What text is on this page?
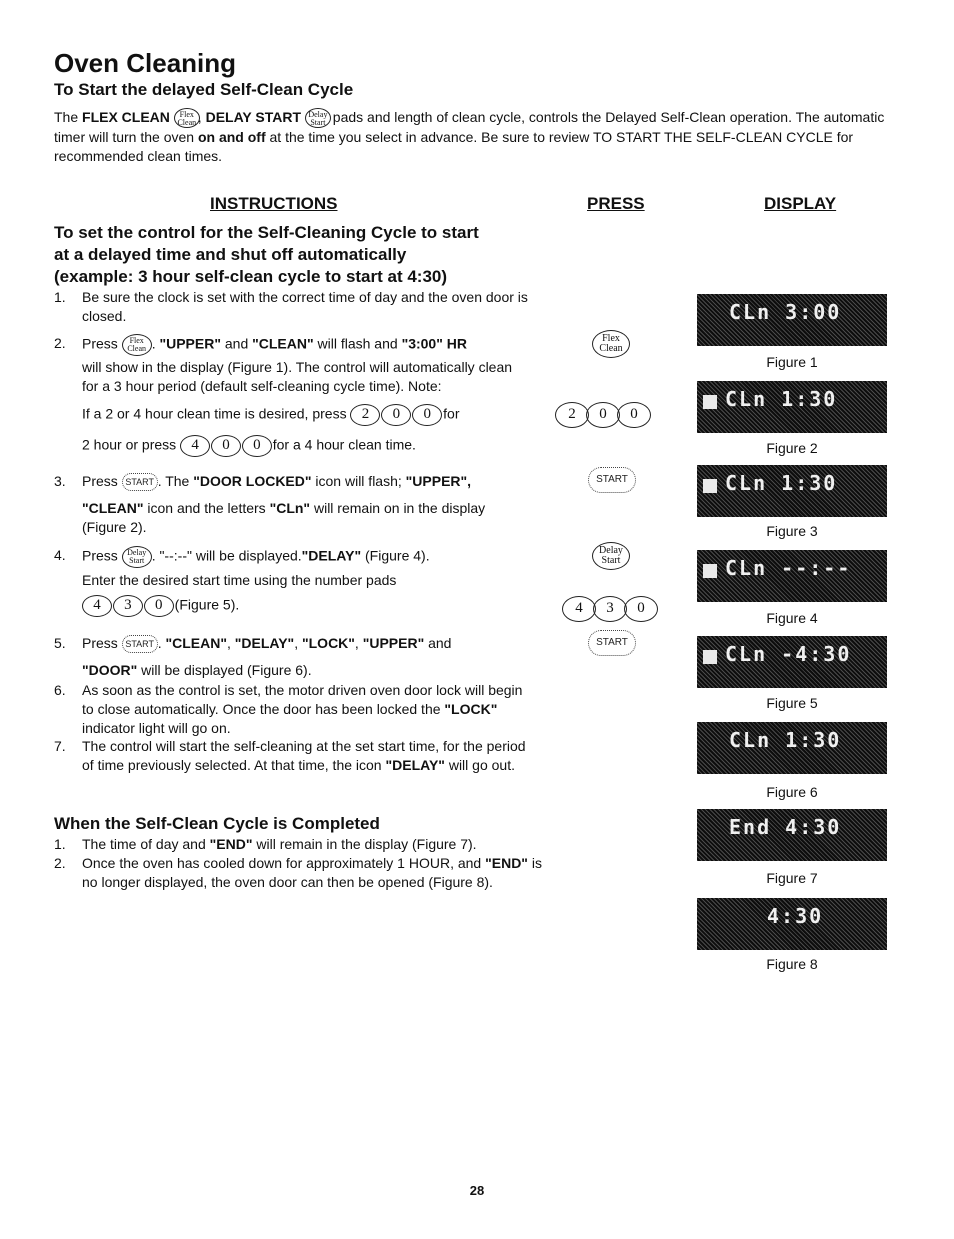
Oven Cleaning
To Start the delayed Self-Clean Cycle

The FLEX CLEAN Flex
Clean , DELAY START Delay
Start pads and length of clean cycle, controls the Delayed Self-Clean operation. The automatic timer will turn the oven on and off at the time you select in advance. Be sure to review TO START THE SELF-CLEAN CYCLE for recommended clean times.

INSTRUCTIONS	PRESS	DISPLAY
To set the control for the Self-Cleaning Cycle to start
at a delayed time and shut off automatically
(example: 3 hour self-clean cycle to start at 4:30)
1.	Be sure the clock is set with the correct time of day and the oven door is closed.
2.	Press Flex
Clean . "UPPER" and "CLEAN" will flash and "3:00" HR
will show in the display (Figure 1). The control will automatically clean for a 3 hour period (default self-cleaning cycle time). Note:
If a 2 or 4 hour clean time is desired, press 2 0 0 for
2 hour or press 4 0 0 for a 4 hour clean time.
3.	Press START . The "DOOR LOCKED" icon will flash; "UPPER",
"CLEAN" icon and the letters "CLn" will remain on in the display (Figure 2).
4.	Press Delay
Start . "--:--" will be displayed."DELAY" (Figure 4).
Enter the desired start time using the number pads
4 3 0 (Figure 5).
5.	Press START . "CLEAN", "DELAY", "LOCK", "UPPER" and
"DOOR" will be displayed (Figure 6).
6.	As soon as the control is set, the motor driven oven door lock will begin to close automatically. Once the door has been locked the "LOCK" indicator light will go on.
7.	The control will start the self-cleaning at the set start time, for the period of time previously selected. At that time, the icon "DELAY" will go out.
When the Self-Clean Cycle is Completed
1.	The time of day and "END" will remain in the display (Figure 7).
2.	Once the oven has cooled down for approximately 1 HOUR, and "END" is no longer displayed, the oven door can then be opened (Figure 8).
Flex
Clean
2 0 0
START
Delay
Start
4 3 0
START
CLn 3:00
Figure 1
CLn 1:30
Figure 2
CLn 1:30
Figure 3
CLn --:--
Figure 4
CLn -4:30
Figure 5
CLn 1:30
Figure 6
End 4:30
Figure 7
4:30
Figure 8
28
